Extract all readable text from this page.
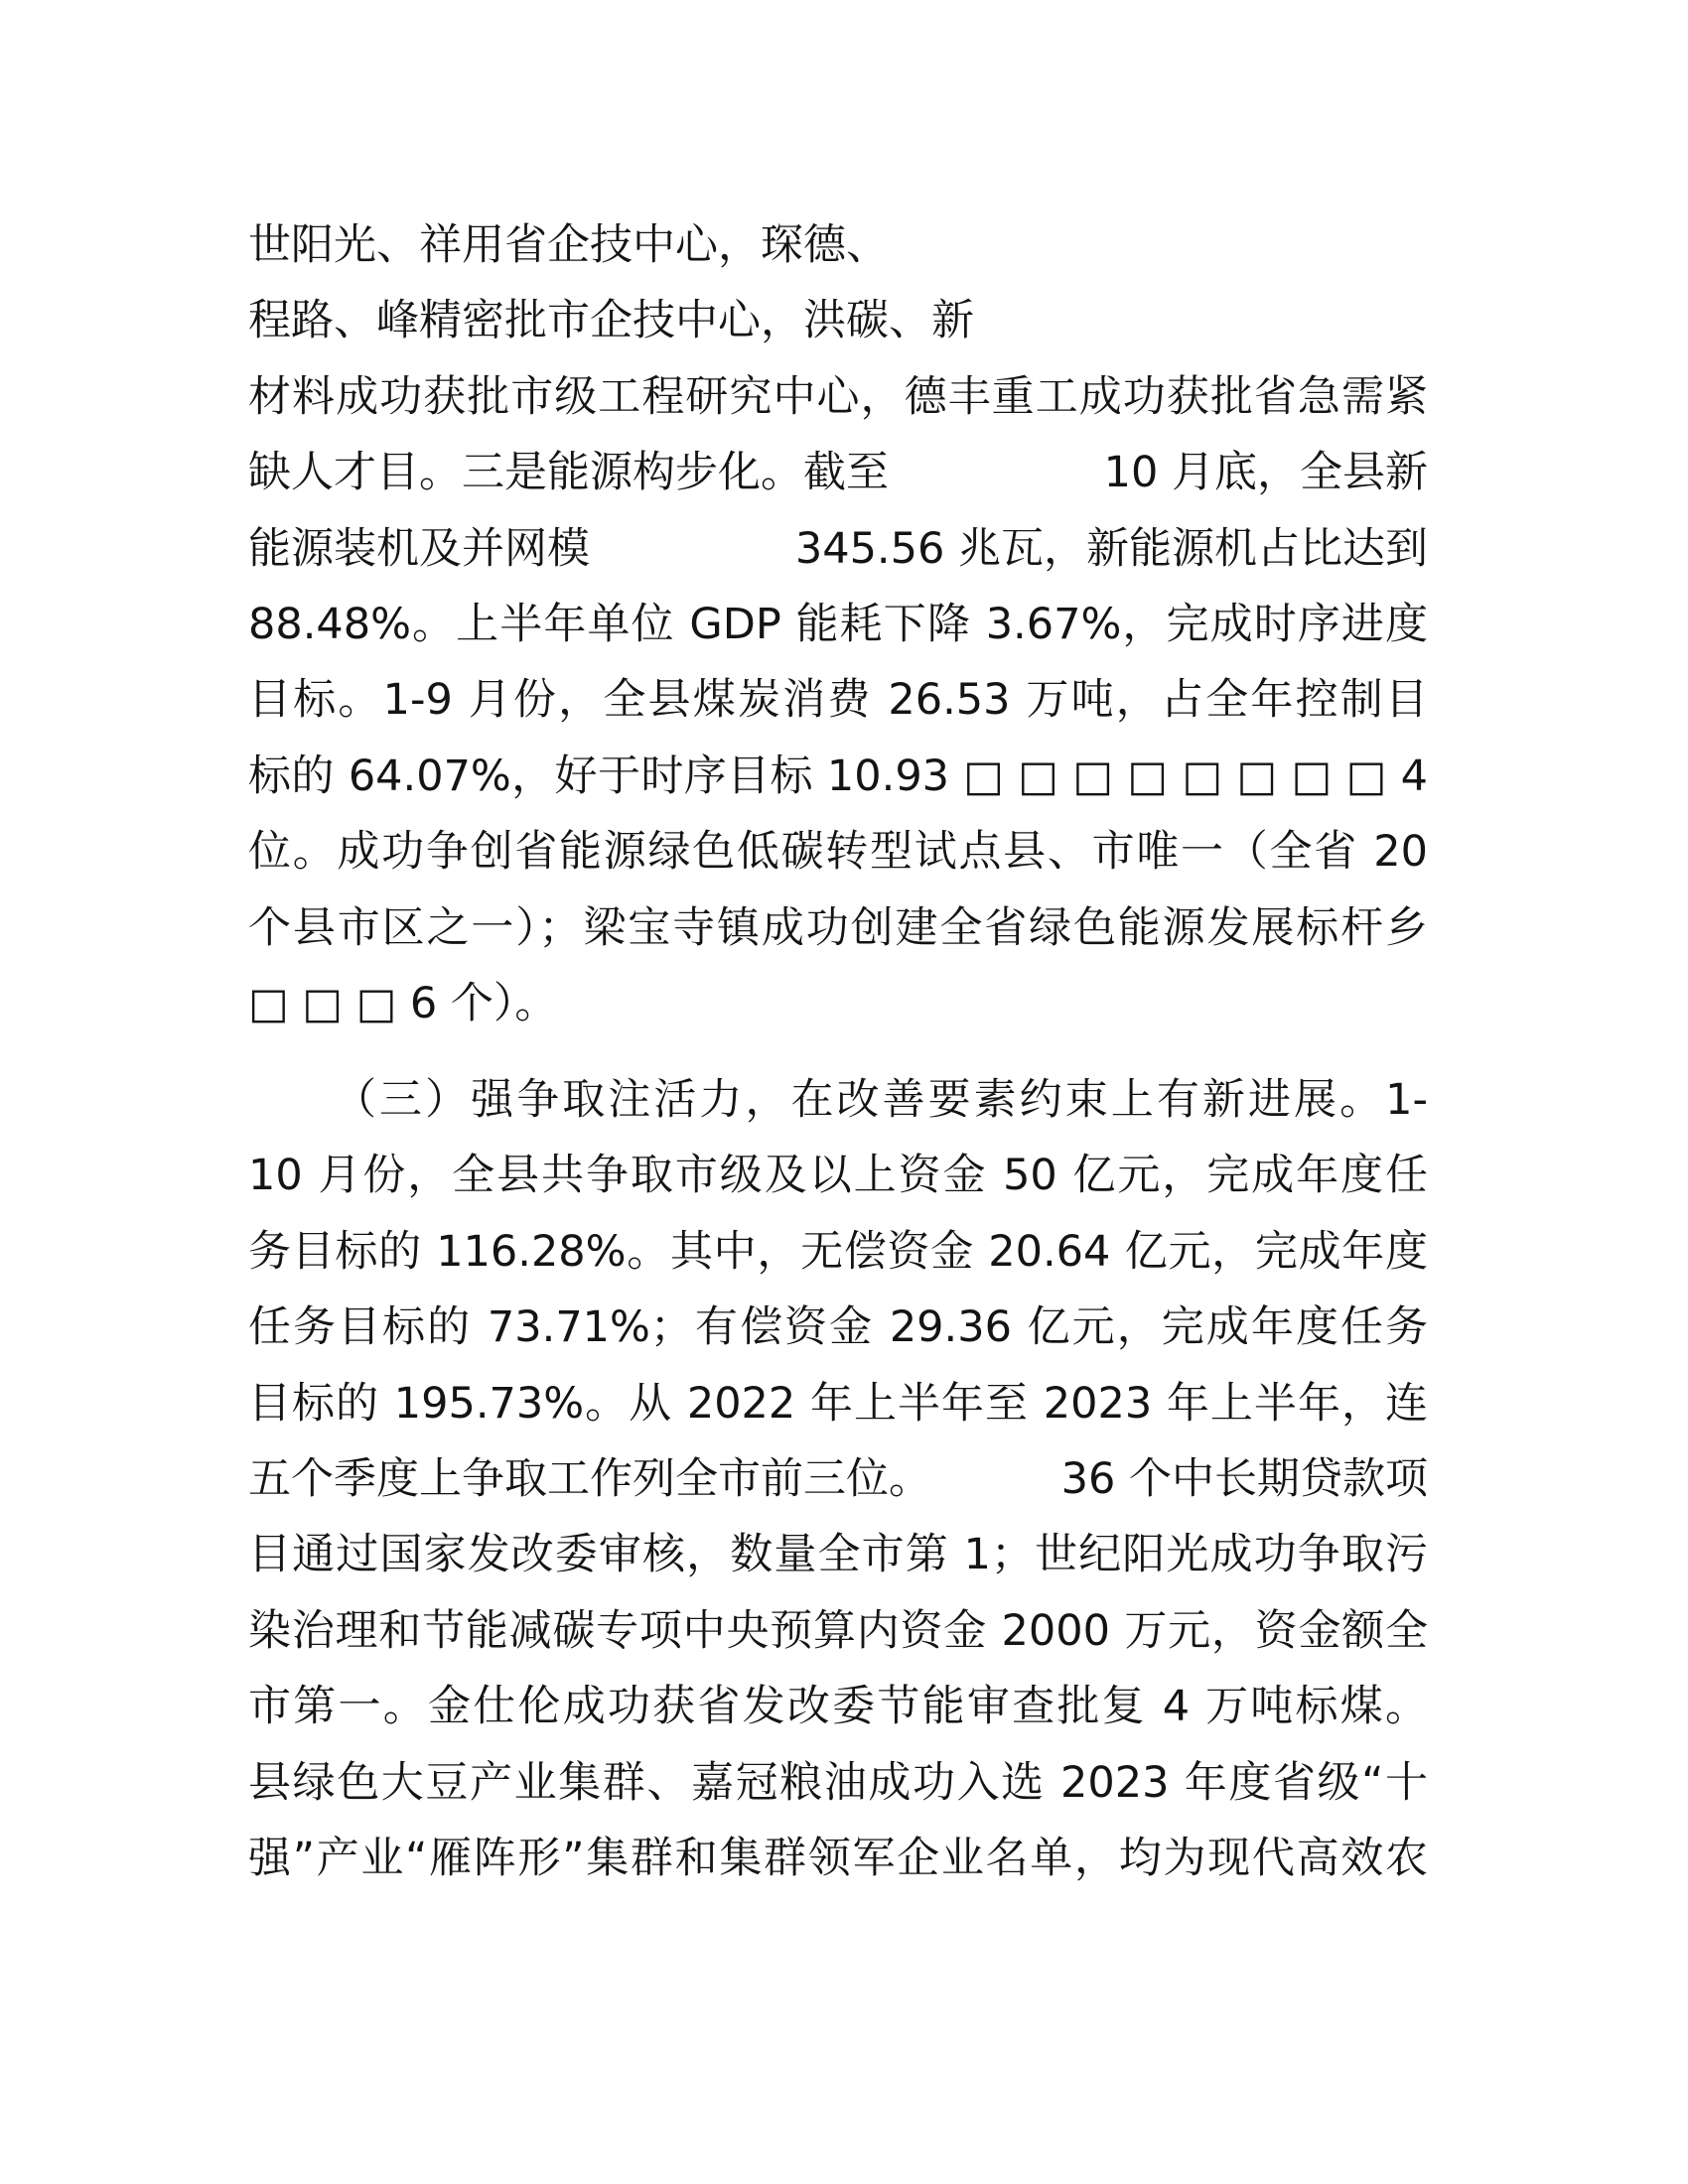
世阳光、祥用省企技中心，琛德、
程路、峰精密批市企技中心，洪碳、新
材料成功获批市级工程研究中心，德丰重工成功获批省急需紧
缺人才目。三是能源构步化。截至	10 月底，全县新
能源装机及并网模	345.56 兆瓦，新能源机占比达到
88.48%。上半年单位 GDP 能耗下降 3.67%，完成时序进度
目标。1-9 月份，全县煤炭消费 26.53 万吨，占全年控制目
标的 64.07%，好于时序目标 10.93 □ □ □ □ □ □ □ □ 4
位。成功争创省能源绿色低碳转型试点县、市唯一（全省 20
个县市区之一）；梁宝寺镇成功创建全省绿色能源发展标杆乡
□ □ □ 6 个）。
（三）强争取注活力，在改善要素约束上有新进展。1-
10 月份，全县共争取市级及以上资金 50 亿元，完成年度任
务目标的 116.28%。其中，无偿资金 20.64 亿元，完成年度
任务目标的 73.71%；有偿资金 29.36 亿元，完成年度任务
目标的 195.73%。从 2022 年上半年至 2023 年上半年，连
五个季度上争取工作列全市前三位。	36 个中长期贷款项
目通过国家发改委审核，数量全市第 1；世纪阳光成功争取污
染治理和节能减碳专项中央预算内资金 2000 万元，资金额全
市第一。金仕伦成功获省发改委节能审查批复 4 万吨标煤。
县绿色大豆产业集群、嘉冠粮油成功入选 2023 年度省级“十
强”产业“雁阵形”集群和集群领军企业名单，均为现代高效农
